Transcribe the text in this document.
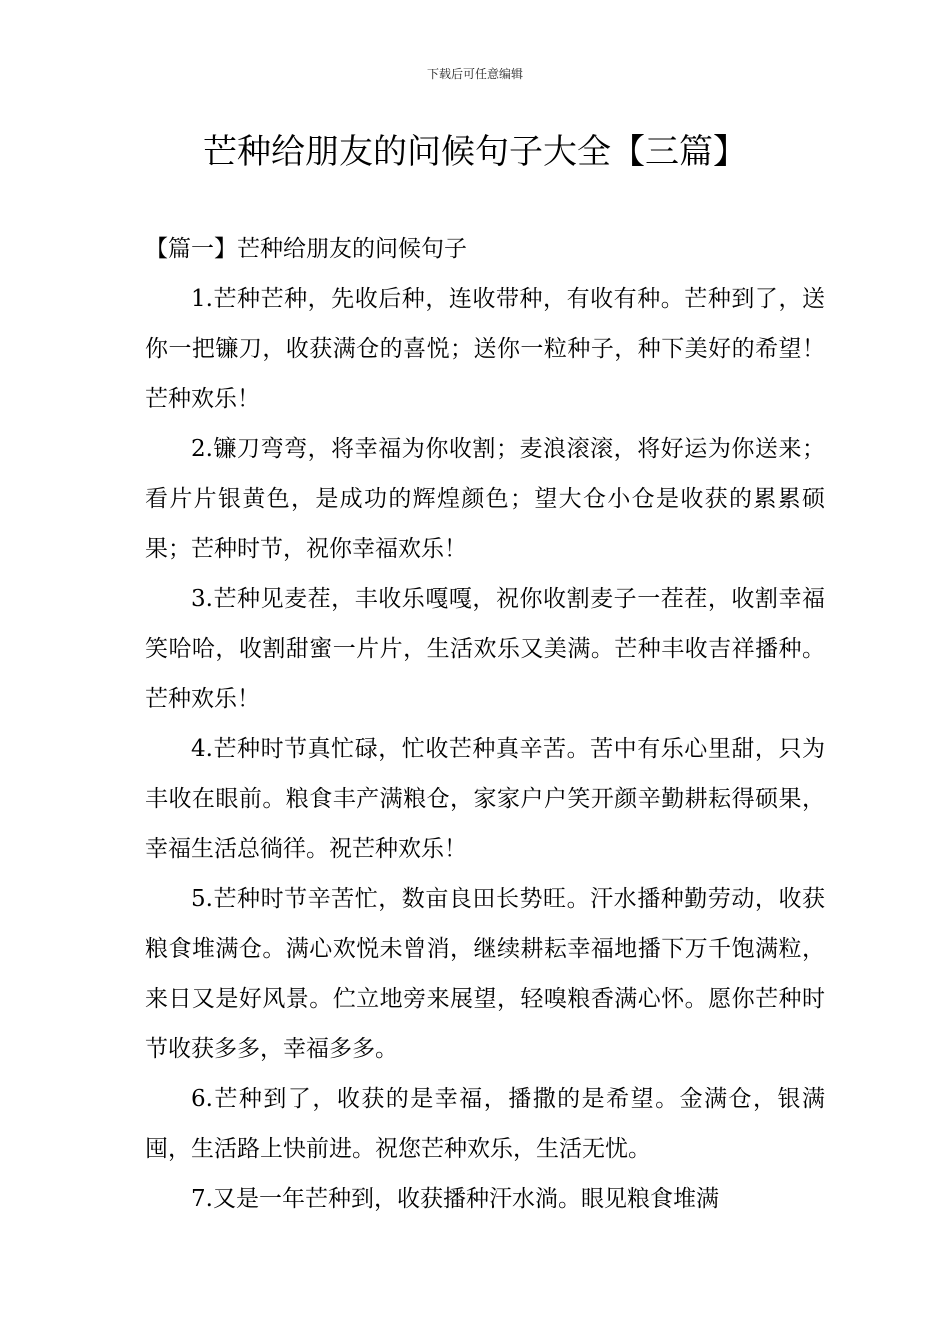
下载后可任意编辑
芒种给朋友的问候句子大全【三篇】
【篇一】芒种给朋友的问候句子

1.芒种芒种，先收后种，连收带种，有收有种。芒种到了，送你一把镰刀，收获满仓的喜悦；送你一粒种子，种下美好的希望！芒种欢乐！

2.镰刀弯弯，将幸福为你收割；麦浪滚滚，将好运为你送来；看片片银黄色，是成功的辉煌颜色；望大仓小仓是收获的累累硕果；芒种时节，祝你幸福欢乐！

3.芒种见麦茬，丰收乐嘎嘎，祝你收割麦子一茬茬，收割幸福笑哈哈，收割甜蜜一片片，生活欢乐又美满。芒种丰收吉祥播种。芒种欢乐！

4.芒种时节真忙碌，忙收芒种真辛苦。苦中有乐心里甜，只为丰收在眼前。粮食丰产满粮仓，家家户户笑开颜辛勤耕耘得硕果，幸福生活总徜徉。祝芒种欢乐！

5.芒种时节辛苦忙，数亩良田长势旺。汗水播种勤劳动，收获粮食堆满仓。满心欢悦未曾消，继续耕耘幸福地播下万千饱满粒，来日又是好风景。伫立地旁来展望，轻嗅粮香满心怀。愿你芒种时节收获多多，幸福多多。

6.芒种到了，收获的是幸福，播撒的是希望。金满仓，银满囤，生活路上快前进。祝您芒种欢乐，生活无忧。

7.又是一年芒种到，收获播种汗水淌。眼见粮食堆满
